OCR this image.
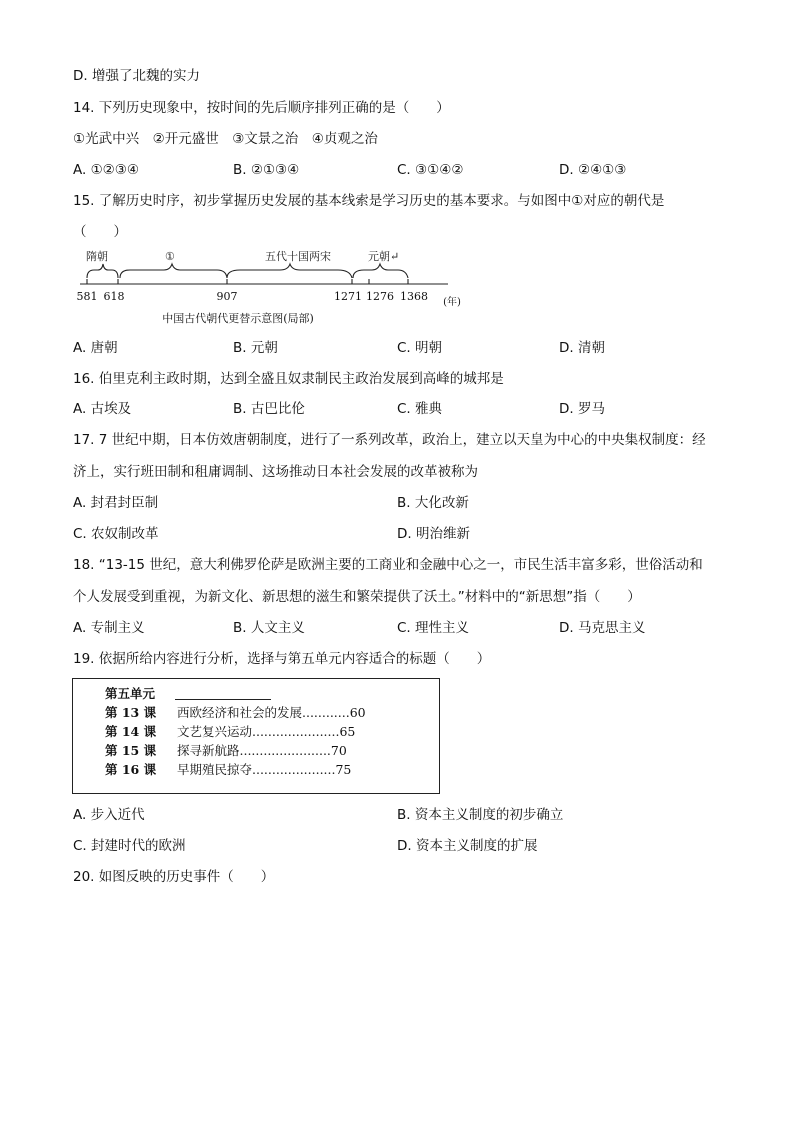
D. 增强了北魏的实力
14. 下列历史现象中，按时间的先后顺序排列正确的是（　　）
①光武中兴　②开元盛世　③文景之治　④贞观之治
A. ①②③④	B. ②①③④	C. ③①④②	D. ②④①③
15. 了解历史时序，初步掌握历史发展的基本线索是学习历史的基本要求。与如图中①对应的朝代是
（　　）
隋朝	①	五代十国两宋	元朝↵
581 618	907	1271 1276 1368 (年)
中国古代朝代更替示意图(局部)
A. 唐朝	B. 元朝	C. 明朝	D. 清朝
16. 伯里克利主政时期，达到全盛且奴隶制民主政治发展到高峰的城邦是
A. 古埃及	B. 古巴比伦	C. 雅典	D. 罗马
17. 7 世纪中期，日本仿效唐朝制度，进行了一系列改革，政治上，建立以天皇为中心的中央集权制度：经
济上，实行班田制和租庸调制、这场推动日本社会发展的改革被称为
A. 封君封臣制	B. 大化改新
C. 农奴制改革	D. 明治维新
18. “13-15 世纪，意大利佛罗伦萨是欧洲主要的工商业和金融中心之一，市民生活丰富多彩，世俗活动和
个人发展受到重视，为新文化、新思想的滋生和繁荣提供了沃土。”材料中的“新思想”指（　　）
A. 专制主义	B. 人文主义	C. 理性主义	D. 马克思主义
19. 依据所给内容进行分析，选择与第五单元内容适合的标题（　　）
第五单元
第 13 课 西欧经济和社会的发展............60
第 14 课 文艺复兴运动......................65
第 15 课 探寻新航路.......................70
第 16 课 早期殖民掠夺.....................75
A. 步入近代	B. 资本主义制度的初步确立
C. 封建时代的欧洲	D. 资本主义制度的扩展
20. 如图反映的历史事件（　　）
